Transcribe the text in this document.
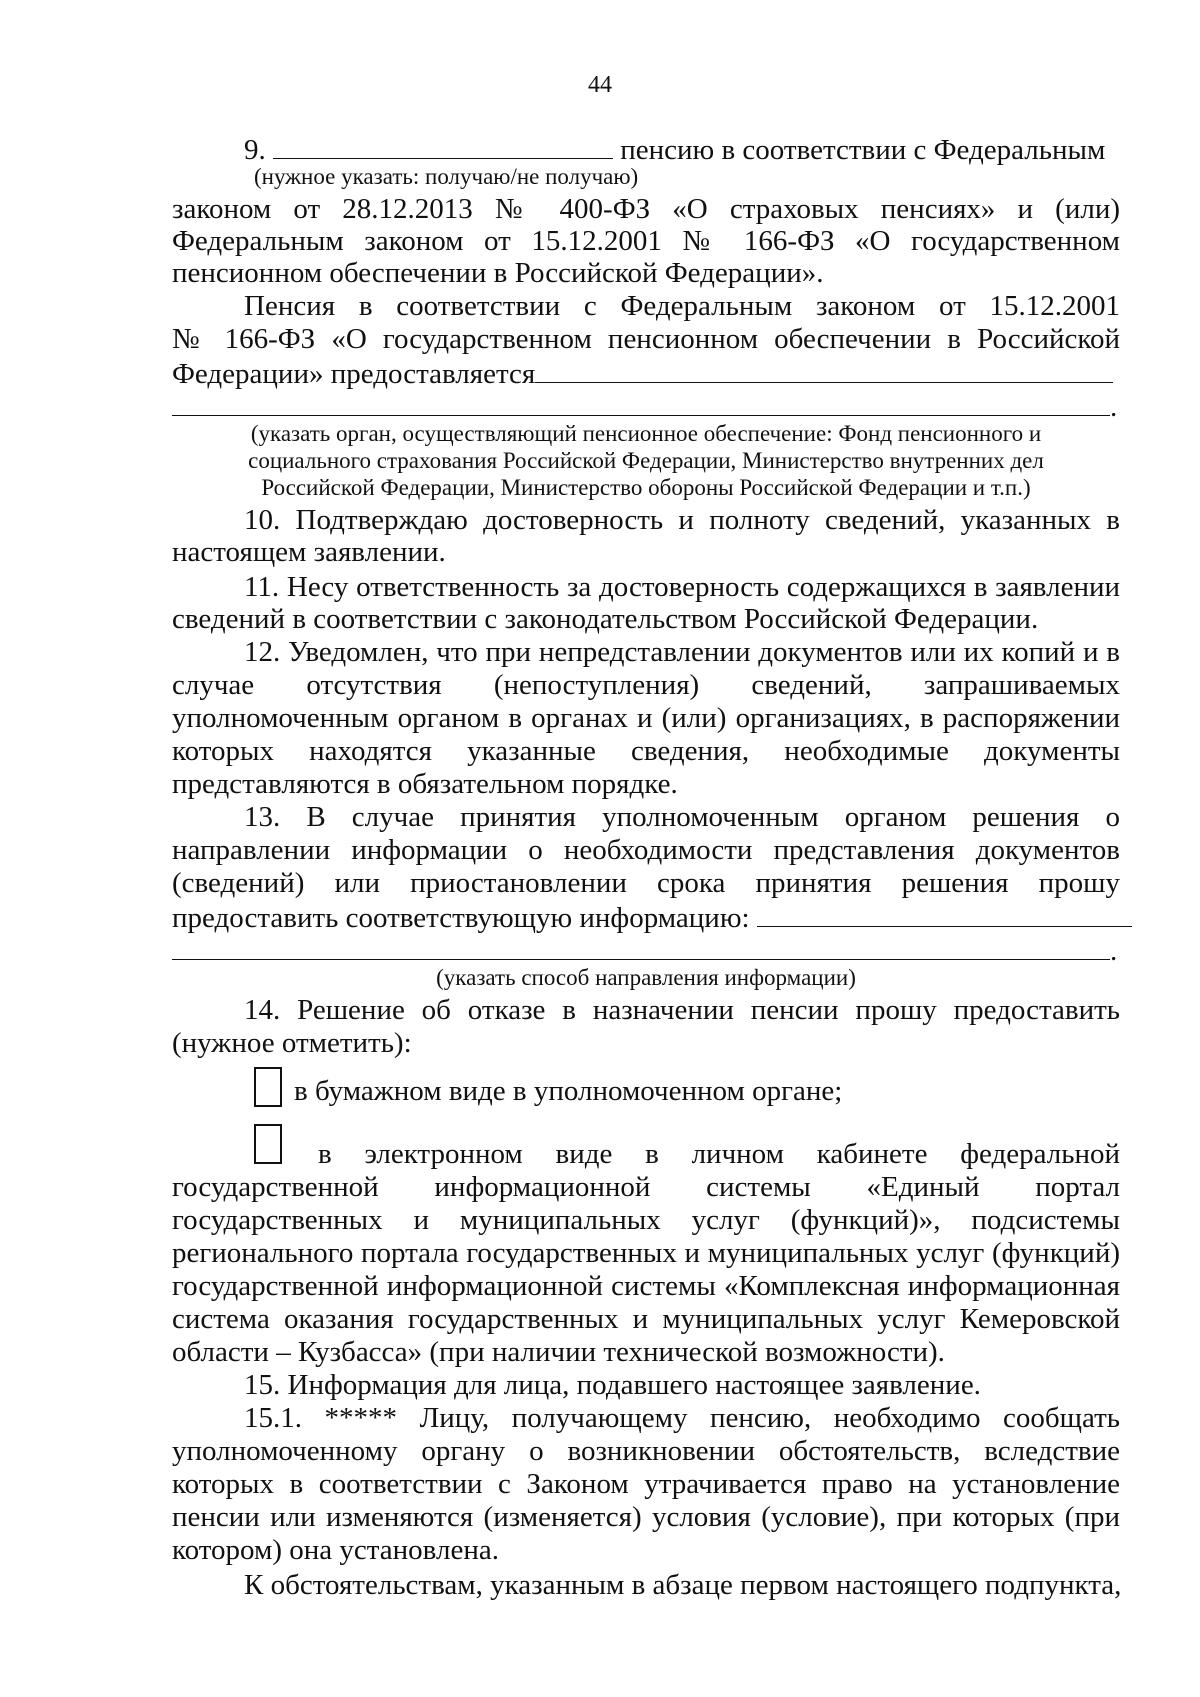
44
9.	пенсию в соответствии с Федеральным
(нужное указать: получаю/не получаю)
законом от 28.12.2013 № 400-ФЗ «О страховых пенсиях» и (или)
Федеральным законом от 15.12.2001 № 166-ФЗ «О государственном
пенсионном обеспечении в Российской Федерации».
Пенсия в соответствии с Федеральным законом от 15.12.2001
№ 166-ФЗ «О государственном пенсионном обеспечении в Российской
Федерации» предоставляется
.
(указать орган, осуществляющий пенсионное обеспечение: Фонд пенсионного и
социального страхования Российской Федерации, Министерство внутренних дел
Российской Федерации, Министерство обороны Российской Федерации и т.п.)
10. Подтверждаю достоверность и полноту сведений, указанных в
настоящем заявлении.
11. Несу ответственность за достоверность содержащихся в заявлении
сведений в соответствии с законодательством Российской Федерации.
12. Уведомлен, что при непредставлении документов или их копий и в
случае отсутствия (непоступления) сведений, запрашиваемых
уполномоченным органом в органах и (или) организациях, в распоряжении
которых находятся указанные сведения, необходимые документы
представляются в обязательном порядке.
13. В случае принятия уполномоченным органом решения о
направлении информации о необходимости представления документов
(сведений) или приостановлении срока принятия решения прошу
предоставить соответствующую информацию:
.
(указать способ направления информации)
14. Решение об отказе в назначении пенсии прошу предоставить
(нужное отметить):
в бумажном виде в уполномоченном органе;
в электронном виде в личном кабинете федеральной
государственной информационной системы «Единый портал
государственных и муниципальных услуг (функций)», подсистемы
регионального портала государственных и муниципальных услуг (функций)
государственной информационной системы «Комплексная информационная
система оказания государственных и муниципальных услуг Кемеровской
области – Кузбасса» (при наличии технической возможности).
15. Информация для лица, подавшего настоящее заявление.
15.1. ***** Лицу, получающему пенсию, необходимо сообщать
уполномоченному органу о возникновении обстоятельств, вследствие
которых в соответствии с Законом утрачивается право на установление
пенсии или изменяются (изменяется) условия (условие), при которых (при
котором) она установлена.
К обстоятельствам, указанным в абзаце первом настоящего подпункта,
